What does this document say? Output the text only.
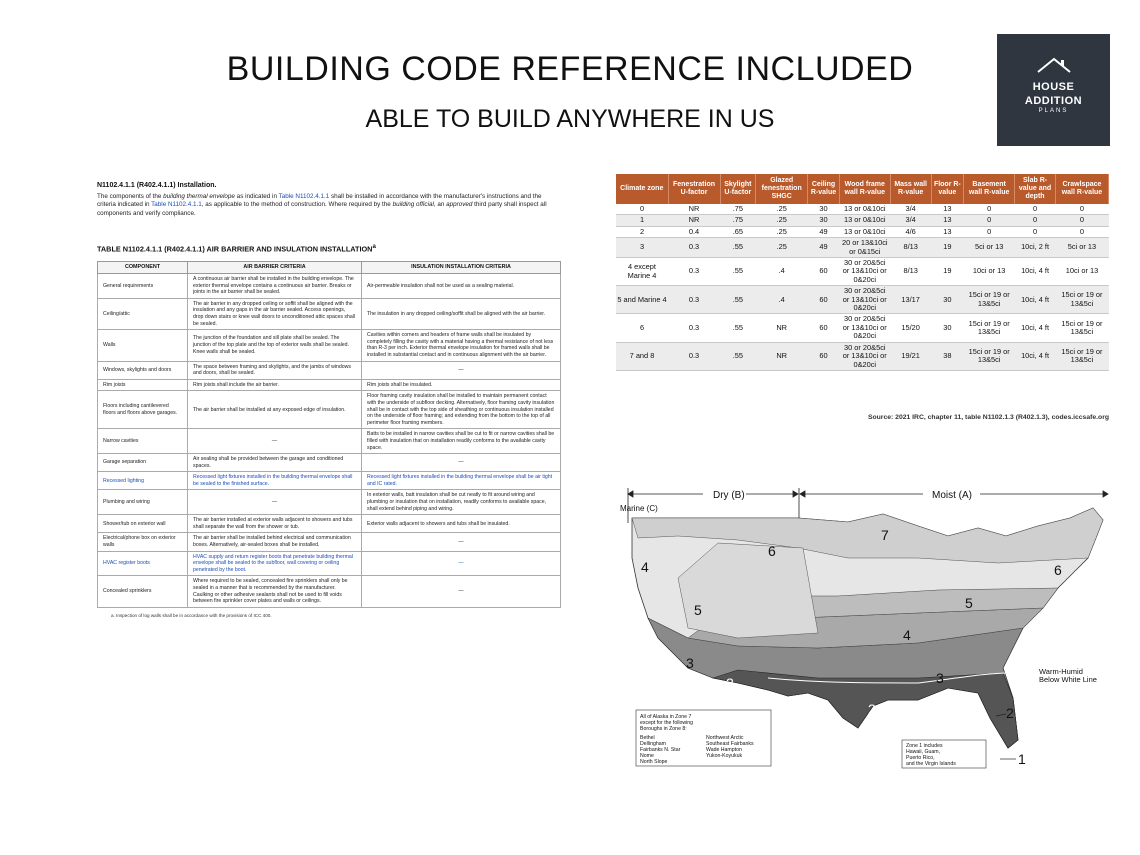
BUILDING CODE REFERENCE INCLUDED
ABLE TO BUILD ANYWHERE IN US
HOUSE
ADDITION
PLANS
N1102.4.1.1 (R402.4.1.1) Installation.
The components of the building thermal envelope as indicated in Table N1102.4.1.1 shall be installed in accordance with the manufacturer's instructions and the criteria indicated in Table N1102.4.1.1, as applicable to the method of construction. Where required by the building official, an approved third party shall inspect all components and verify compliance.
TABLE N1102.4.1.1 (R402.4.1.1) AIR BARRIER AND INSULATION INSTALLATION$^a$
COMPONENT	AIR BARRIER CRITERIA	INSULATION INSTALLATION CRITERIA
General requirements	A continuous air barrier shall be installed in the building envelope. The exterior thermal envelope contains a continuous air barrier. Breaks or joints in the air barrier shall be sealed.	Air-permeable insulation shall not be used as a sealing material.
Ceiling/attic	The air barrier in any dropped ceiling or soffit shall be aligned with the insulation and any gaps in the air barrier sealed. Access openings, drop down stairs or knee wall doors to unconditioned attic spaces shall be sealed.	The insulation in any dropped ceiling/soffit shall be aligned with the air barrier.
Walls	The junction of the foundation and sill plate shall be sealed. The junction of the top plate and the top of exterior walls shall be sealed. Knee walls shall be sealed.	Cavities within corners and headers of frame walls shall be insulated by completely filling the cavity with a material having a thermal resistance of not less than R-3 per inch. Exterior thermal envelope insulation for framed walls shall be installed in substantial contact and in continuous alignment with the air barrier.
Windows, skylights and doors	The space between framing and skylights, and the jambs of windows and doors, shall be sealed.	—
Rim joists	Rim joists shall include the air barrier.	Rim joists shall be insulated.
Floors including cantilevered floors and floors above garages.	The air barrier shall be installed at any exposed edge of insulation.	Floor framing cavity insulation shall be installed to maintain permanent contact with the underside of subfloor decking. Alternatively, floor framing cavity insulation shall be in contact with the top side of sheathing or continuous insulation installed on the underside of floor framing; and extending from the bottom to the top of all perimeter floor framing members.
Narrow cavities	—	Batts to be installed in narrow cavities shall be cut to fit or narrow cavities shall be filled with insulation that on installation readily conforms to the available cavity space.
Garage separation	Air sealing shall be provided between the garage and conditioned spaces.	—
Recessed lighting	Recessed light fixtures installed in the building thermal envelope shall be sealed to the finished surface.	Recessed light fixtures installed in the building thermal envelope shall be air tight and IC rated.
Plumbing and wiring	—	In exterior walls, batt insulation shall be cut neatly to fit around wiring and plumbing or insulation that on installation, readily conforms to available space, shall extend behind piping and wiring.
Shower/tub on exterior wall	The air barrier installed at exterior walls adjacent to showers and tubs shall separate the wall from the shower or tub.	Exterior walls adjacent to showers and tubs shall be insulated.
Electrical/phone box on exterior walls	The air barrier shall be installed behind electrical and communication boxes. Alternatively, air-sealed boxes shall be installed.	—
HVAC register boots	HVAC supply and return register boots that penetrate building thermal envelope shall be sealed to the subfloor, wall covering or ceiling penetrated by the boot.	—
Concealed sprinklers	Where required to be sealed, concealed fire sprinklers shall only be sealed in a manner that is recommended by the manufacturer. Caulking or other adhesive sealants shall not be used to fill voids between fire sprinkler cover plates and walls or ceilings.	—
a. Inspection of log walls shall be in accordance with the provisions of ICC 400.
Climate zone	Fenestration U-factor	Skylight U-factor	Glazed fenestration SHGC	Ceiling R-value	Wood frame wall R-value	Mass wall R-value	Floor R-value	Basement wall R-value	Slab R-value and depth	Crawlspace wall R-value
0	NR	.75	.25	30	13 or 0&10ci	3/4	13	0	0	0
1	NR	.75	.25	30	13 or 0&10ci	3/4	13	0	0	0
2	0.4	.65	.25	49	13 or 0&10ci	4/6	13	0	0	0
3	0.3	.55	.25	49	20 or 13&10ci or 0&15ci	8/13	19	5ci or 13	10ci, 2 ft	5ci or 13
4 except Marine 4	0.3	.55	.4	60	30 or 20&5ci or 13&10ci or 0&20ci	8/13	19	10ci or 13	10ci, 4 ft	10ci or 13
5 and Marine 4	0.3	.55	.4	60	30 or 20&5ci or 13&10ci or 0&20ci	13/17	30	15ci or 19 or 13&5ci	10ci, 4 ft	15ci or 19 or 13&5ci
6	0.3	.55	NR	60	30 or 20&5ci or 13&10ci or 0&20ci	15/20	30	15ci or 19 or 13&5ci	10ci, 4 ft	15ci or 19 or 13&5ci
7 and 8	0.3	.55	NR	60	30 or 20&5ci or 13&10ci or 0&20ci	19/21	38	15ci or 19 or 13&5ci	10ci, 4 ft	15ci or 19 or 13&5ci
Source: 2021 IRC, chapter 11, table N1102.1.3 (R402.1.3), codes.iccsafe.org
Dry (B)	Moist (A)
Marine (C)
7
6
5	5
4
4
3
3
2
2	2
1
6
Warm-Humid
Below White Line
All of Alaska in Zone 7
except for the following
Boroughs in Zone 8:
Bethel
Dellingham
Fairbanks N. Star
Nome
North Slope
Northwest Arctic
Southeast Fairbanks
Wade Hampton
Yukon-Koyukuk
Zone 1 includes
Hawaii, Guam,
Puerto Rico,
and the Virgin Islands
